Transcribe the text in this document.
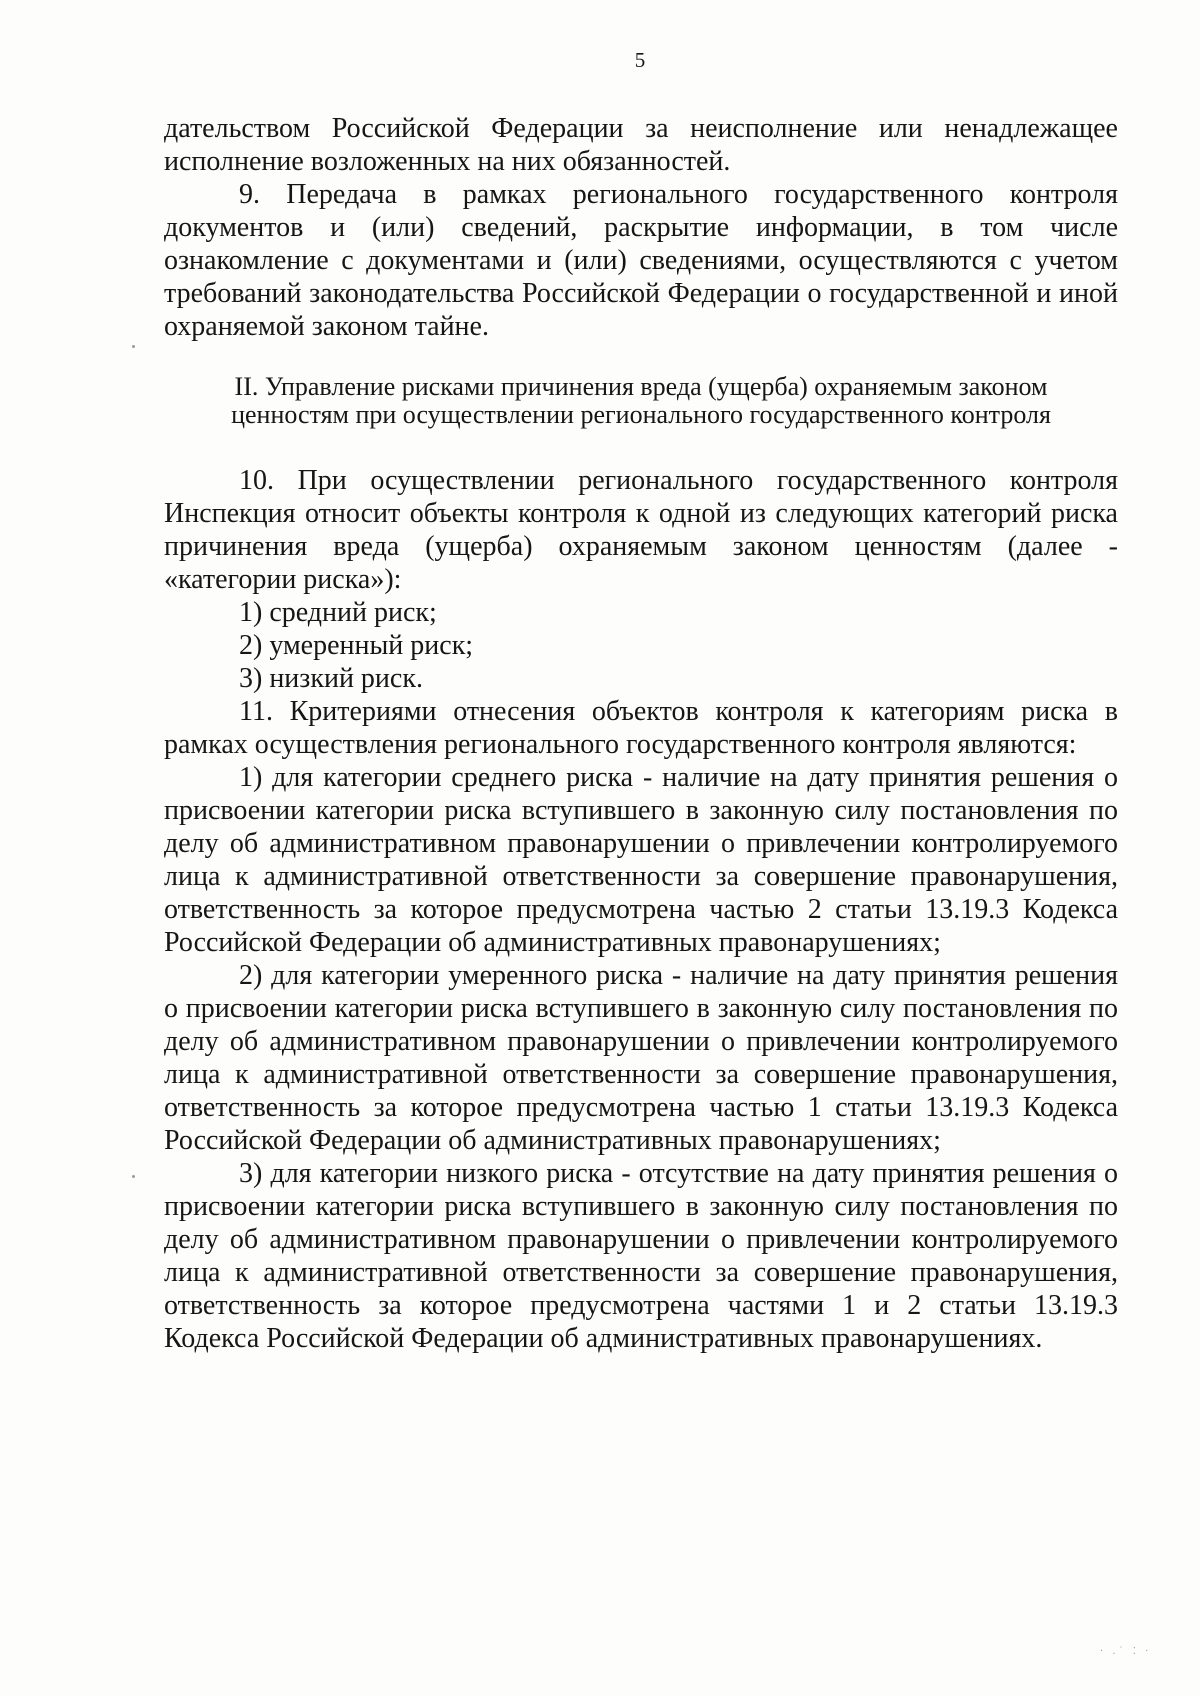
5

дательством Российской Федерации за неисполнение или ненадлежащее исполнение возложенных на них обязанностей.

9. Передача в рамках регионального государственного контроля документов и (или) сведений, раскрытие информации, в том числе ознакомление с документами и (или) сведениями, осуществляются с учетом требований законодательства Российской Федерации о государственной и иной охраняемой законом тайне.

II. Управление рисками причинения вреда (ущерба) охраняемым законом ценностям при осуществлении регионального государственного контроля

10. При осуществлении регионального государственного контроля Инспекция относит объекты контроля к одной из следующих категорий риска причинения вреда (ущерба) охраняемым законом ценностям (далее - «категории риска»):

1) средний риск;

2) умеренный риск;

3) низкий риск.

11. Критериями отнесения объектов контроля к категориям риска в рамках осуществления регионального государственного контроля являются:

1) для категории среднего риска - наличие на дату принятия решения о присвоении категории риска вступившего в законную силу постановления по делу об административном правонарушении о привлечении контролируемого лица к административной ответственности за совершение правонарушения, ответственность за которое предусмотрена частью 2 статьи 13.19.3 Кодекса Российской Федерации об административных правонарушениях;

2) для категории умеренного риска - наличие на дату принятия решения о присвоении категории риска вступившего в законную силу постановления по делу об административном правонарушении о привлечении контролируемого лица к административной ответственности за совершение правонарушения, ответственность за которое предусмотрена частью 1 статьи 13.19.3 Кодекса Российской Федерации об административных правонарушениях;

3) для категории низкого риска - отсутствие на дату принятия решения о присвоении категории риска вступившего в законную силу постановления по делу об административном правонарушении о привлечении контролируемого лица к административной ответственности за совершение правонарушения, ответственность за которое предусмотрена частями 1 и 2 статьи 13.19.3 Кодекса Российской Федерации об административных правонарушениях.

· .˙ ⁚ ·
